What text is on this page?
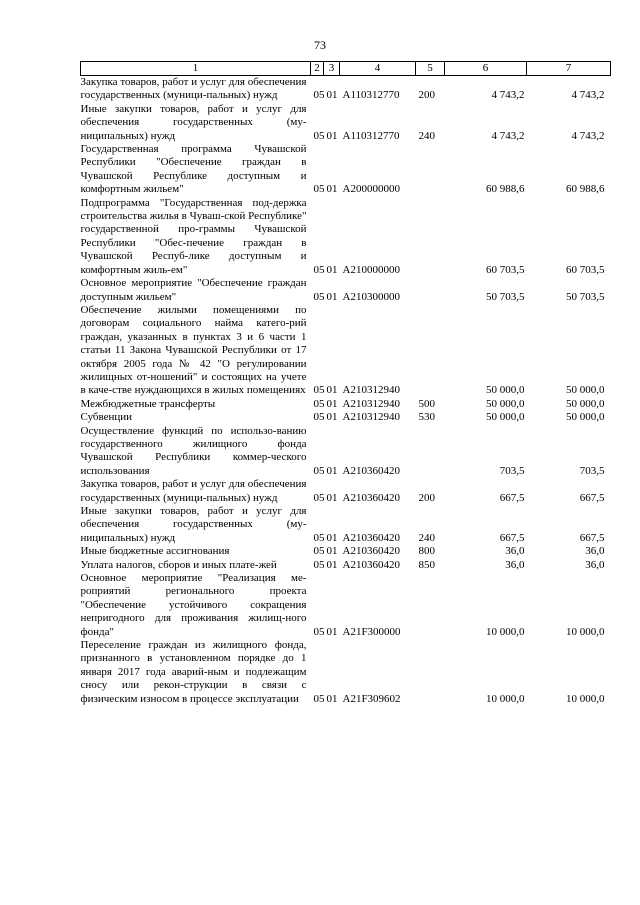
73
1	2	3	4	5	6	7
Закупка товаров, работ и услуг для обеспечения государственных (муници-пальных) нужд	05	01	A110312770	200	4 743,2	4 743,2
Иные закупки товаров, работ и услуг для обеспечения государственных (му-ниципальных) нужд	05	01	A110312770	240	4 743,2	4 743,2
Государственная программа Чувашской Республики "Обеспечение граждан в Чувашской Республике доступным и комфортным жильем"	05	01	A200000000		60 988,6	60 988,6
Подпрограмма "Государственная под-держка строительства жилья в Чуваш-ской Республике" государственной про-граммы Чувашской Республики "Обес-печение граждан в Чувашской Респуб-лике доступным и комфортным жиль-ем"	05	01	A210000000		60 703,5	60 703,5
Основное мероприятие "Обеспечение граждан доступным жильем"	05	01	A210300000		50 703,5	50 703,5
Обеспечение жилыми помещениями по договорам социального найма катего-рий граждан, указанных в пунктах 3 и 6 части 1 статьи 11 Закона Чувашской Республики от 17 октября 2005 года № 42 "О регулировании жилищных от-ношений" и состоящих на учете в каче-стве нуждающихся в жилых помещениях	05	01	A210312940		50 000,0	50 000,0
Межбюджетные трансферты	05	01	A210312940	500	50 000,0	50 000,0
Субвенции	05	01	A210312940	530	50 000,0	50 000,0
Осуществление функций по использо-ванию государственного жилищного фонда Чувашской Республики коммер-ческого использования	05	01	A210360420		703,5	703,5
Закупка товаров, работ и услуг для обеспечения государственных (муници-пальных) нужд	05	01	A210360420	200	667,5	667,5
Иные закупки товаров, работ и услуг для обеспечения государственных (му-ниципальных) нужд	05	01	A210360420	240	667,5	667,5
Иные бюджетные ассигнования	05	01	A210360420	800	36,0	36,0
Уплата налогов, сборов и иных плате-жей	05	01	A210360420	850	36,0	36,0
Основное мероприятие "Реализация ме-роприятий регионального проекта "Обеспечение устойчивого сокращения непригодного для проживания жилищ-ного фонда"	05	01	A21F300000		10 000,0	10 000,0
Переселение граждан из жилищного фонда, признанного в установленном порядке до 1 января 2017 года аварий-ным и подлежащим сносу или рекон-струкции в связи с физическим износом в процессе эксплуатации	05	01	A21F309602		10 000,0	10 000,0
